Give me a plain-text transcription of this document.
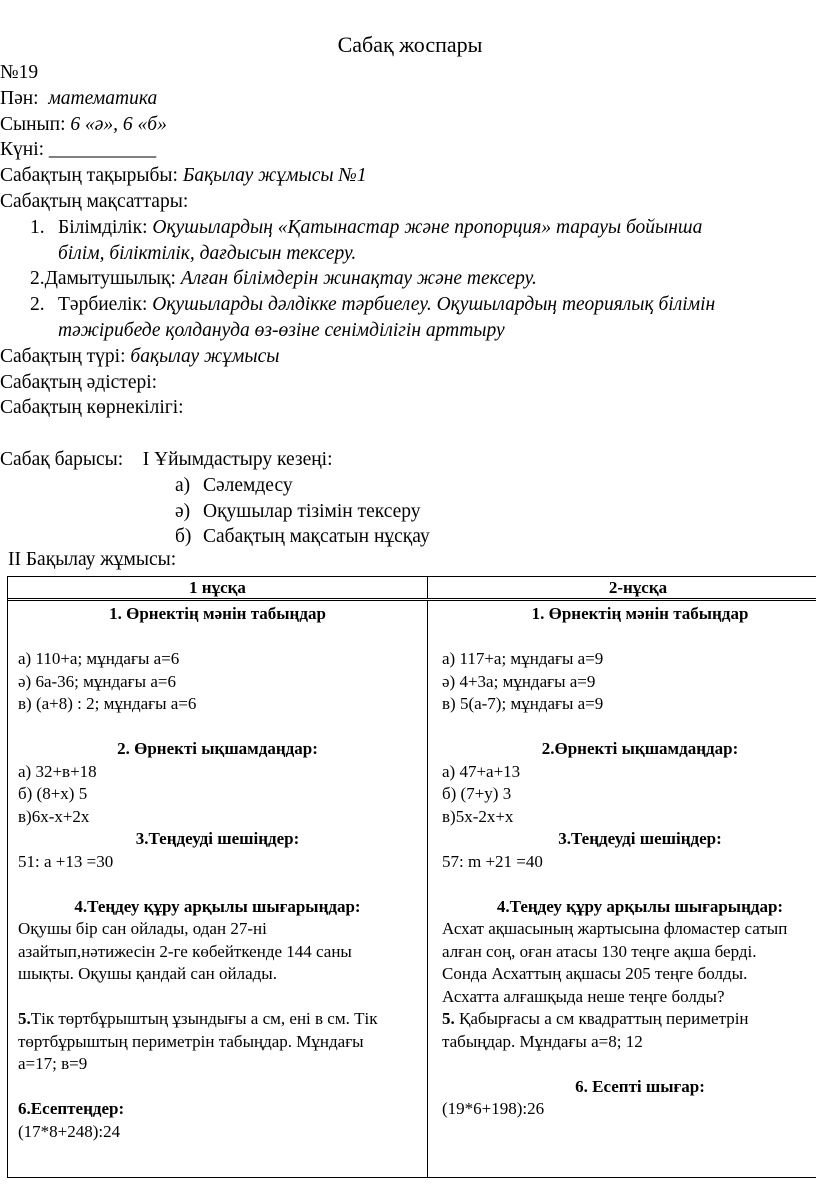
Сабақ жоспары
№19
Пән: математика
Сынып: 6 «ә», 6 «б»
Күні: ___________
Сабақтың тақырыбы: Бақылау жұмысы №1
Сабақтың мақсаттары:
1. Білімділік: Оқушылардың «Қатынастар және пропорция» тарауы бойынша
білім, біліктілік, дағдысын тексеру.
2.Дамытушылық: Алған білімдерін жинақтау және тексеру.
2. Тәрбиелік: Оқушыларды дәлдікке тәрбиелеу. Оқушылардың теориялық білімін
тәжірибеде қолдануда өз-өзіне сенімділігін арттыру
Сабақтың түрі: бақылау жұмысы
Сабақтың әдістері:
Сабақтың көрнекілігі:
Сабақ барысы: І Ұйымдастыру кезеңі:
а) Сәлемдесу
ә) Оқушылар тізімін тексеру
б) Сабақтың мақсатын нұсқау
ІІ Бақылау жұмысы:
1 нұсқа	2-нұсқа
1. Өрнектің мәнін табыңдар
а) 110+а; мұндағы а=6
ә) 6а-36; мұндағы а=6
в) (а+8) : 2; мұндағы а=6
2. Өрнекті ықшамдаңдар:
а) 32+в+18
б) (8+х) 5
в)6х-х+2х
3.Теңдеуді шешіңдер:
51: а +13 =30
4.Теңдеу құру арқылы шығарыңдар:
Оқушы бір сан ойлады, одан 27-ні
азайтып,нәтижесін 2-ге көбейткенде 144 саны
шықты. Оқушы қандай сан ойлады.
5.Тік төртбұрыштың ұзындығы а см, ені в см. Тік
төртбұрыштың периметрін табыңдар. Мұндағы
а=17; в=9
6.Есептеңдер:
(17*8+248):24
1. Өрнектің мәнін табыңдар
а) 117+а; мұндағы а=9
ә) 4+3а; мұндағы а=9
в) 5(а-7); мұндағы а=9
2.Өрнекті ықшамдаңдар:
а) 47+а+13
б) (7+у) 3
в)5х-2х+х
3.Теңдеуді шешіңдер:
57: m +21 =40
4.Теңдеу құру арқылы шығарыңдар:
Асхат ақшасының жартысына фломастер сатып
алған соң, оған атасы 130 теңге ақша берді.
Сонда Асхаттың ақшасы 205 теңге болды.
Асхатта алғашқыда неше теңге болды?
5. Қабырғасы а см квадраттың периметрін
табыңдар. Мұндағы а=8; 12
6. Есепті шығар:
(19*6+198):26
